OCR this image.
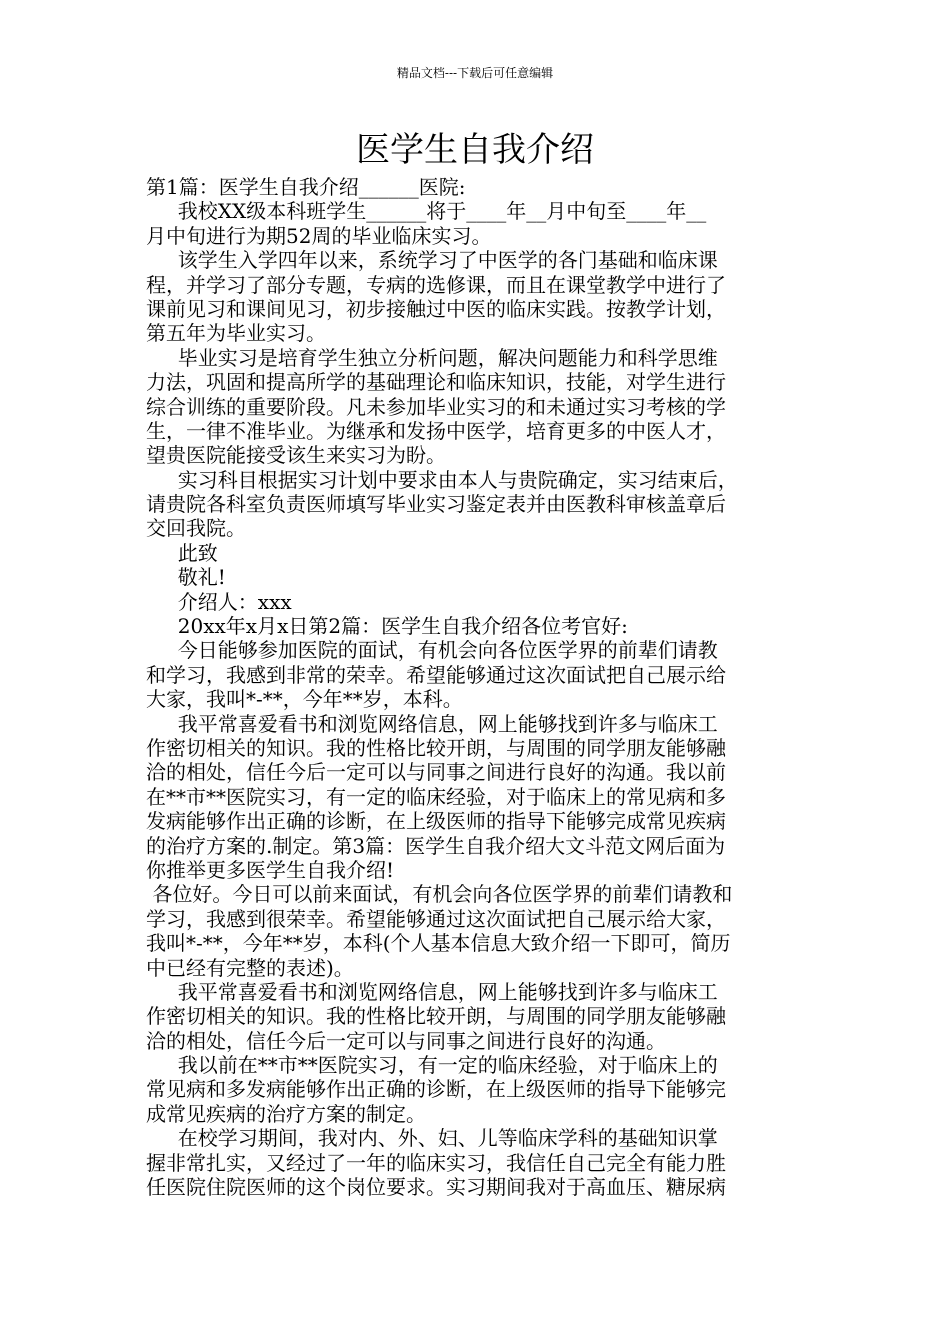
精品文档---下载后可任意编辑
医学生自我介绍
第1篇：医学生自我介绍______医院:
我校XX级本科班学生______将于____年__月中旬至____年__
月中旬进行为期52周的毕业临床实习。
该学生入学四年以来，系统学习了中医学的各门基础和临床课
程，并学习了部分专题，专病的选修课，而且在课堂教学中进行了
课前见习和课间见习，初步接触过中医的临床实践。按教学计划，
第五年为毕业实习。
毕业实习是培育学生独立分析问题，解决问题能力和科学思维
力法，巩固和提高所学的基础理论和临床知识，技能，对学生进行
综合训练的重要阶段。凡未参加毕业实习的和未通过实习考核的学
生，一律不准毕业。为继承和发扬中医学，培育更多的中医人才，
望贵医院能接受该生来实习为盼。
实习科目根据实习计划中要求由本人与贵院确定，实习结束后，
请贵院各科室负责医师填写毕业实习鉴定表并由医教科审核盖章后
交回我院。
此致
敬礼!
介绍人：xxx
20xx年x月x日第2篇：医学生自我介绍各位考官好:
今日能够参加医院的面试，有机会向各位医学界的前辈们请教
和学习，我感到非常的荣幸。希望能够通过这次面试把自己展示给
大家，我叫*-**，今年**岁，本科。
我平常喜爱看书和浏览网络信息，网上能够找到许多与临床工
作密切相关的知识。我的性格比较开朗，与周围的同学朋友能够融
洽的相处，信任今后一定可以与同事之间进行良好的沟通。我以前
在**市**医院实习，有一定的临床经验，对于临床上的常见病和多
发病能够作出正确的诊断，在上级医师的指导下能够完成常见疾病
的治疗方案的.制定。第3篇：医学生自我介绍大文斗范文网后面为
你推举更多医学生自我介绍!
各位好。今日可以前来面试，有机会向各位医学界的前辈们请教和
学习，我感到很荣幸。希望能够通过这次面试把自己展示给大家，
我叫*-**，今年**岁，本科(个人基本信息大致介绍一下即可，简历
中已经有完整的表述)。
我平常喜爱看书和浏览网络信息，网上能够找到许多与临床工
作密切相关的知识。我的性格比较开朗，与周围的同学朋友能够融
洽的相处，信任今后一定可以与同事之间进行良好的沟通。
我以前在**市**医院实习，有一定的临床经验，对于临床上的
常见病和多发病能够作出正确的诊断，在上级医师的指导下能够完
成常见疾病的治疗方案的制定。
在校学习期间，我对内、外、妇、儿等临床学科的基础知识掌
握非常扎实，又经过了一年的临床实习，我信任自己完全有能力胜
任医院住院医师的这个岗位要求。实习期间我对于高血压、糖尿病
